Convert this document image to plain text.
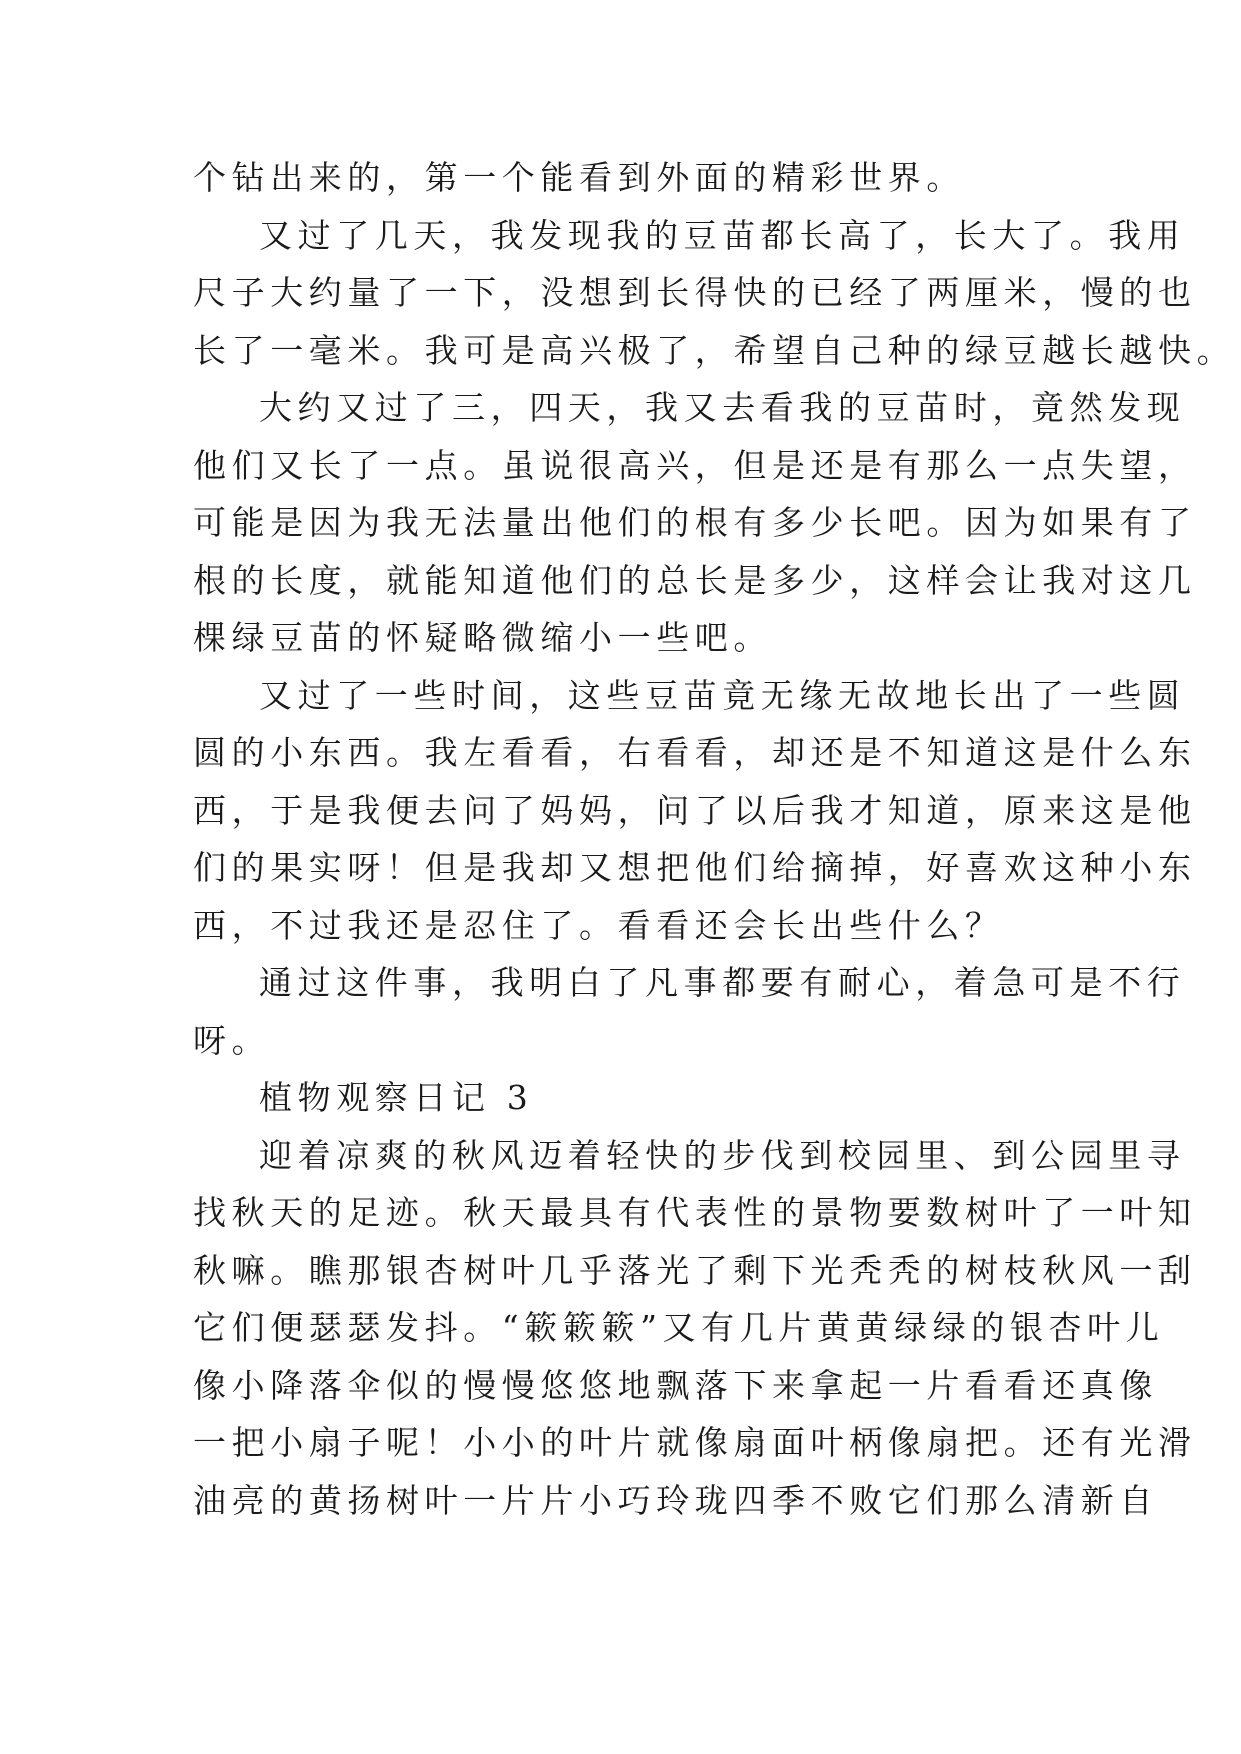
个钻出来的，第一个能看到外面的精彩世界。
又过了几天，我发现我的豆苗都长高了，长大了。我用
尺子大约量了一下，没想到长得快的已经了两厘米，慢的也
长了一毫米。我可是高兴极了，希望自己种的绿豆越长越快。
大约又过了三，四天，我又去看我的豆苗时，竟然发现
他们又长了一点。虽说很高兴，但是还是有那么一点失望，
可能是因为我无法量出他们的根有多少长吧。因为如果有了
根的长度，就能知道他们的总长是多少，这样会让我对这几
棵绿豆苗的怀疑略微缩小一些吧。
又过了一些时间，这些豆苗竟无缘无故地长出了一些圆
圆的小东西。我左看看，右看看，却还是不知道这是什么东
西，于是我便去问了妈妈，问了以后我才知道，原来这是他
们的果实呀！但是我却又想把他们给摘掉，好喜欢这种小东
西，不过我还是忍住了。看看还会长出些什么？
通过这件事，我明白了凡事都要有耐心，着急可是不行
呀。
植物观察日记 3
迎着凉爽的秋风迈着轻快的步伐到校园里、到公园里寻
找秋天的足迹。秋天最具有代表性的景物要数树叶了一叶知
秋嘛。瞧那银杏树叶几乎落光了剩下光秃秃的树枝秋风一刮
它们便瑟瑟发抖。“簌簌簌”又有几片黄黄绿绿的银杏叶儿
像小降落伞似的慢慢悠悠地飘落下来拿起一片看看还真像
一把小扇子呢！小小的叶片就像扇面叶柄像扇把。还有光滑
油亮的黄扬树叶一片片小巧玲珑四季不败它们那么清新自
